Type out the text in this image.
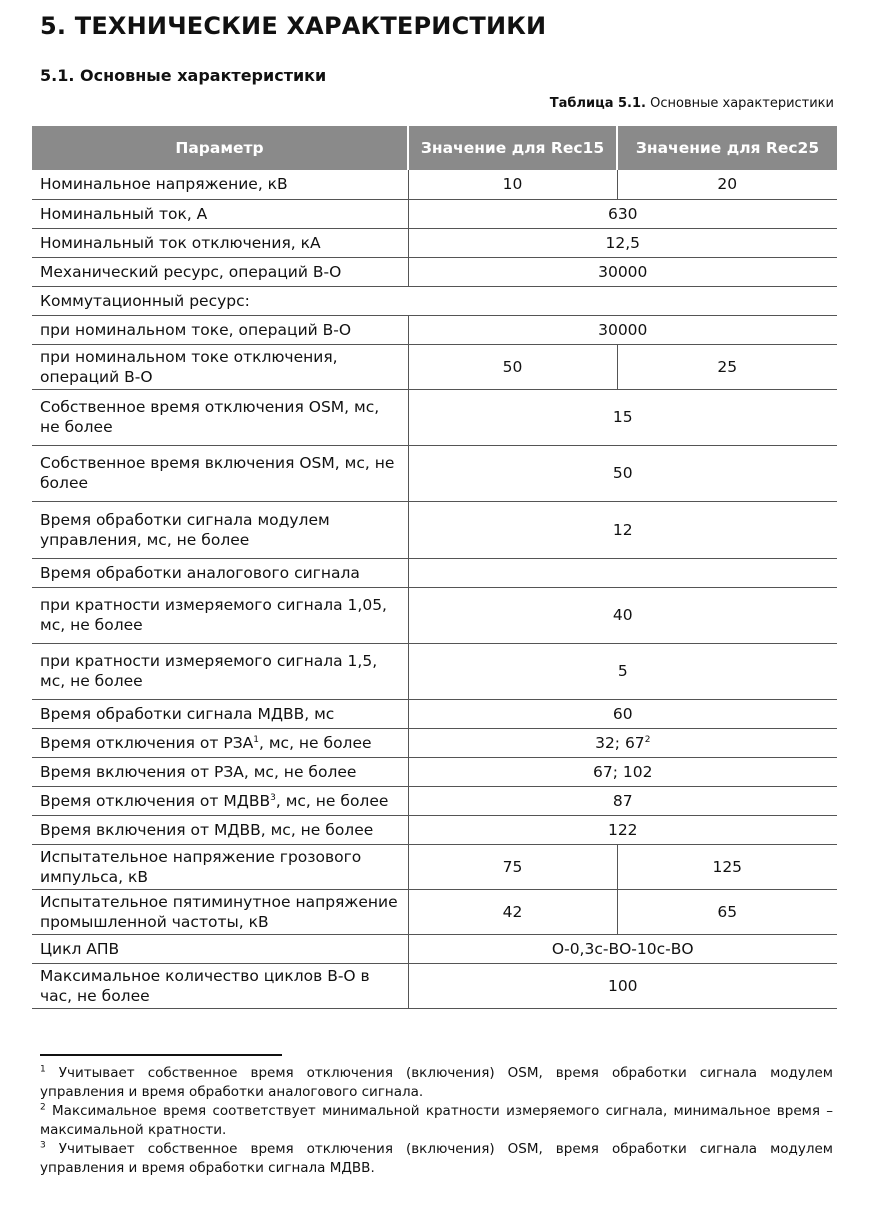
5. ТЕХНИЧЕСКИЕ ХАРАКТЕРИСТИКИ
5.1. Основные характеристики
Таблица 5.1. Основные характеристики
Параметр	Значение для Rec15	Значение для Rec25
Номинальное напряжение, кВ	10	20
Номинальный ток, А	630	
Номинальный ток отключения, кА	12,5	
Механический ресурс, операций В-О	30000	
Коммутационный ресурс:		
при номинальном токе, операций В-О	30000	
при номинальном токе отключения, операций В-О	50	25
Собственное время отключения OSM, мс, не более	15	
Собственное время включения OSM, мс, не более	50	
Время обработки сигнала модулем управления, мс, не более	12	
Время обработки аналогового сигнала		
при кратности измеряемого сигнала 1,05, мс, не более	40	
при кратности измеряемого сигнала 1,5, мс, не более	5	
Время обработки сигнала МДВВ, мс	60	
Время отключения от РЗА$^1$, мс, не более	32; $67^2$
Время включения от РЗА, мс, не более	67; 102	
Время отключения от МДВВ$^3$, мс, не более	87	
Время включения от МДВВ, мс, не более	122	
Испытательное напряжение грозового импульса, кВ	75	125
Испытательное пятиминутное напряжение промышленной частоты, кВ	42	65
Цикл АПВ	О-0,3с-ВО-10с-ВО	
Максимальное количество циклов В-О в час, не более	100	

$^1$ Учитывает собственное время отключения (включения) OSM, время обработки сигнала модулем управления и время обработки аналогового сигнала.

$^2$ Максимальное время соответствует минимальной кратности измеряемого сигнала, минимальное время – максимальной кратности.

$^3$ Учитывает собственное время отключения (включения) OSM, время обработки сигнала модулем управления и время обработки сигнала МДВВ.
